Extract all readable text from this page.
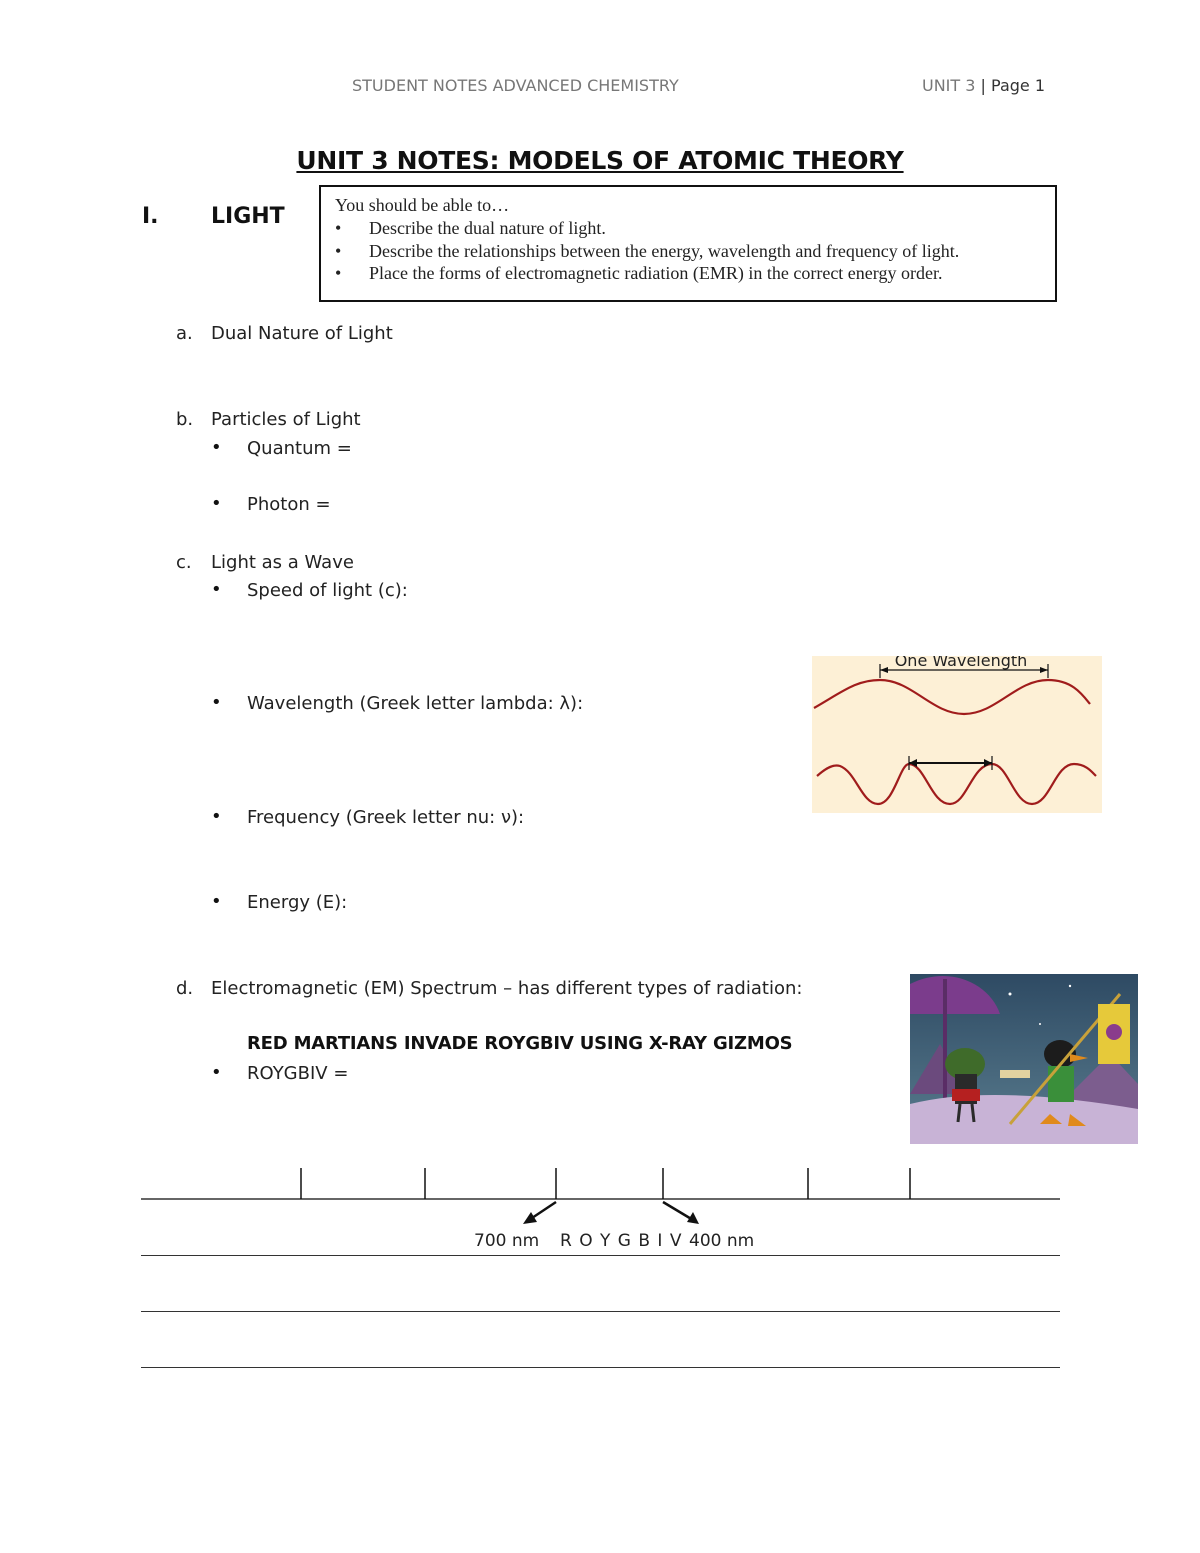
STUDENT NOTES ADVANCED CHEMISTRY	UNIT 3 | Page 1
UNIT 3 NOTES: MODELS OF ATOMIC THEORY
I. LIGHT	You should be able to…
• Describe the dual nature of light.
• Describe the relationships between the energy, wavelength and frequency of light.
• Place the forms of electromagnetic radiation (EMR) in the correct energy order.
a. Dual Nature of Light
b. Particles of Light
• Quantum =
• Photon =
c. Light as a Wave
• Speed of light (c):
• Wavelength (Greek letter lambda: λ):
• Frequency (Greek letter nu: ν):
• Energy (E):
One Wavelength
d. Electromagnetic (EM) Spectrum – has different types of radiation:
RED MARTIANS INVADE ROYGBIV USING X-RAY GIZMOS
• ROYGBIV =
700 nm R O Y G B I V 400 nm
